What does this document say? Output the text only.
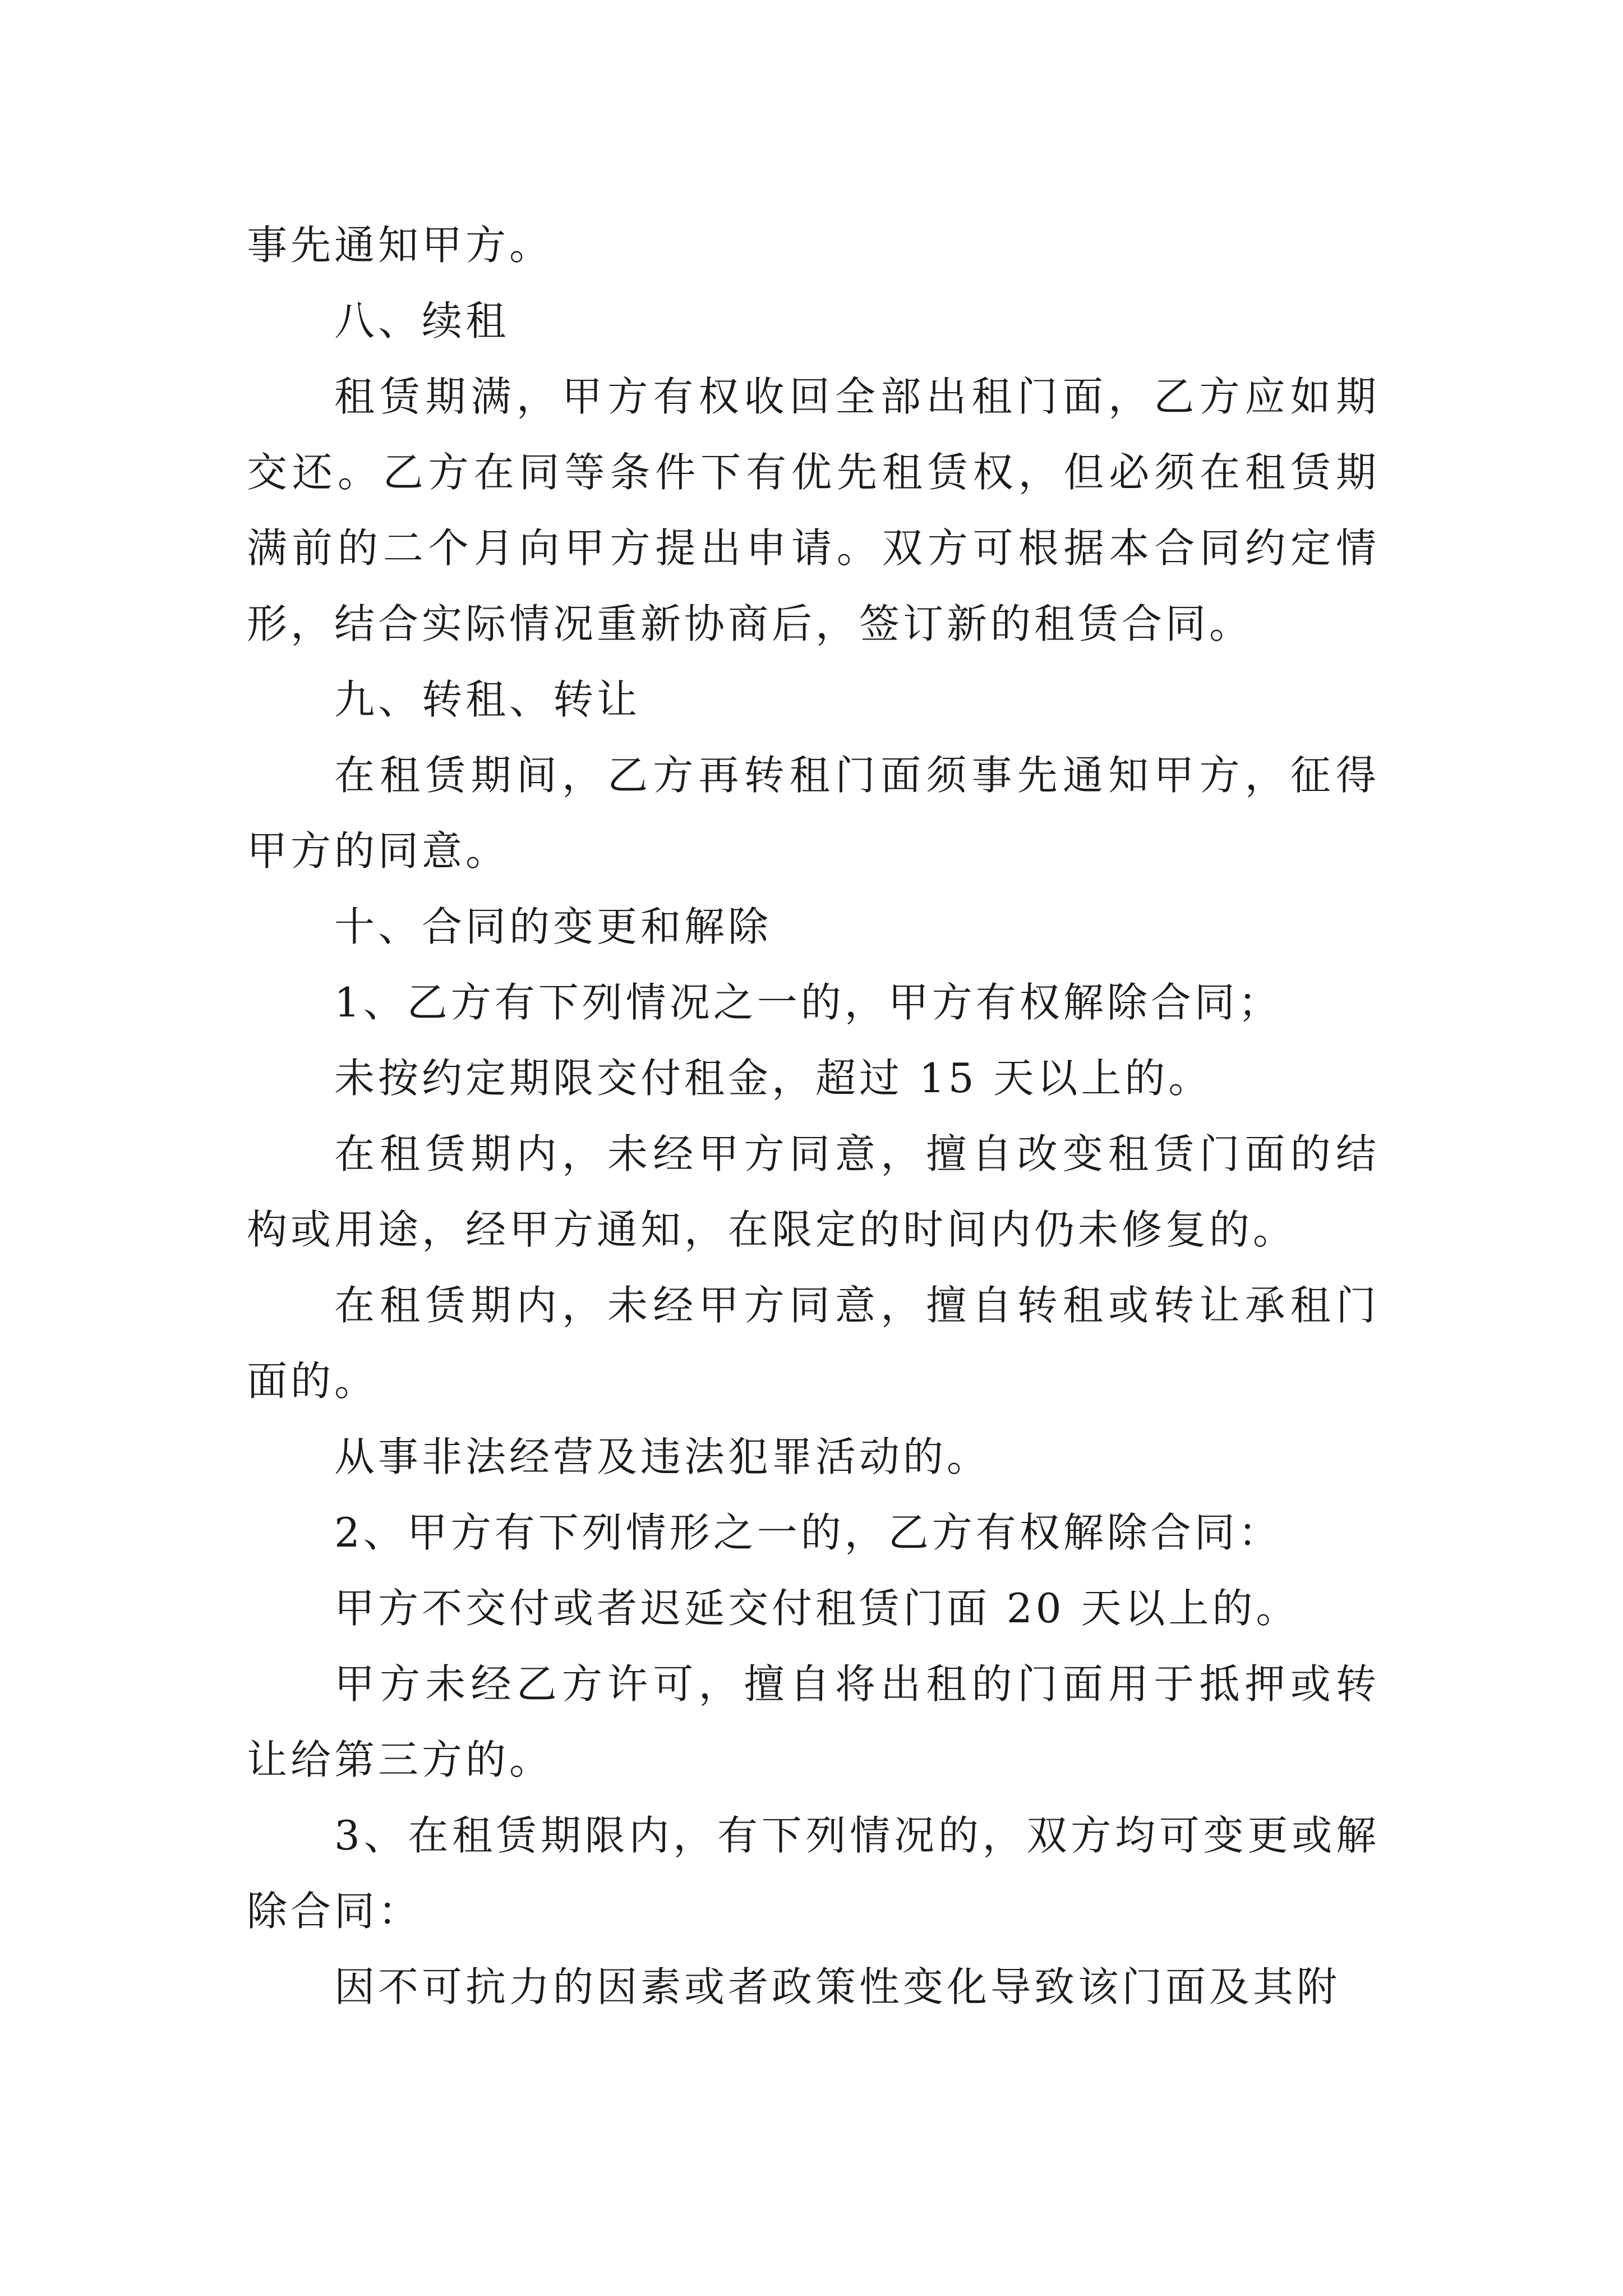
事先通知甲方。

八、续租

租赁期满，甲方有权收回全部出租门面，乙方应如期交还。乙方在同等条件下有优先租赁权，但必须在租赁期满前的二个月向甲方提出申请。双方可根据本合同约定情形，结合实际情况重新协商后，签订新的租赁合同。

九、转租、转让

在租赁期间，乙方再转租门面须事先通知甲方，征得甲方的同意。

十、合同的变更和解除

1、乙方有下列情况之一的，甲方有权解除合同；

未按约定期限交付租金，超过 15 天以上的。

在租赁期内，未经甲方同意，擅自改变租赁门面的结构或用途，经甲方通知，在限定的时间内仍未修复的。

在租赁期内，未经甲方同意，擅自转租或转让承租门面的。

从事非法经营及违法犯罪活动的。

2、甲方有下列情形之一的，乙方有权解除合同：

甲方不交付或者迟延交付租赁门面 20 天以上的。

甲方未经乙方许可，擅自将出租的门面用于抵押或转让给第三方的。

3、在租赁期限内，有下列情况的，双方均可变更或解除合同：

因不可抗力的因素或者政策性变化导致该门面及其附
